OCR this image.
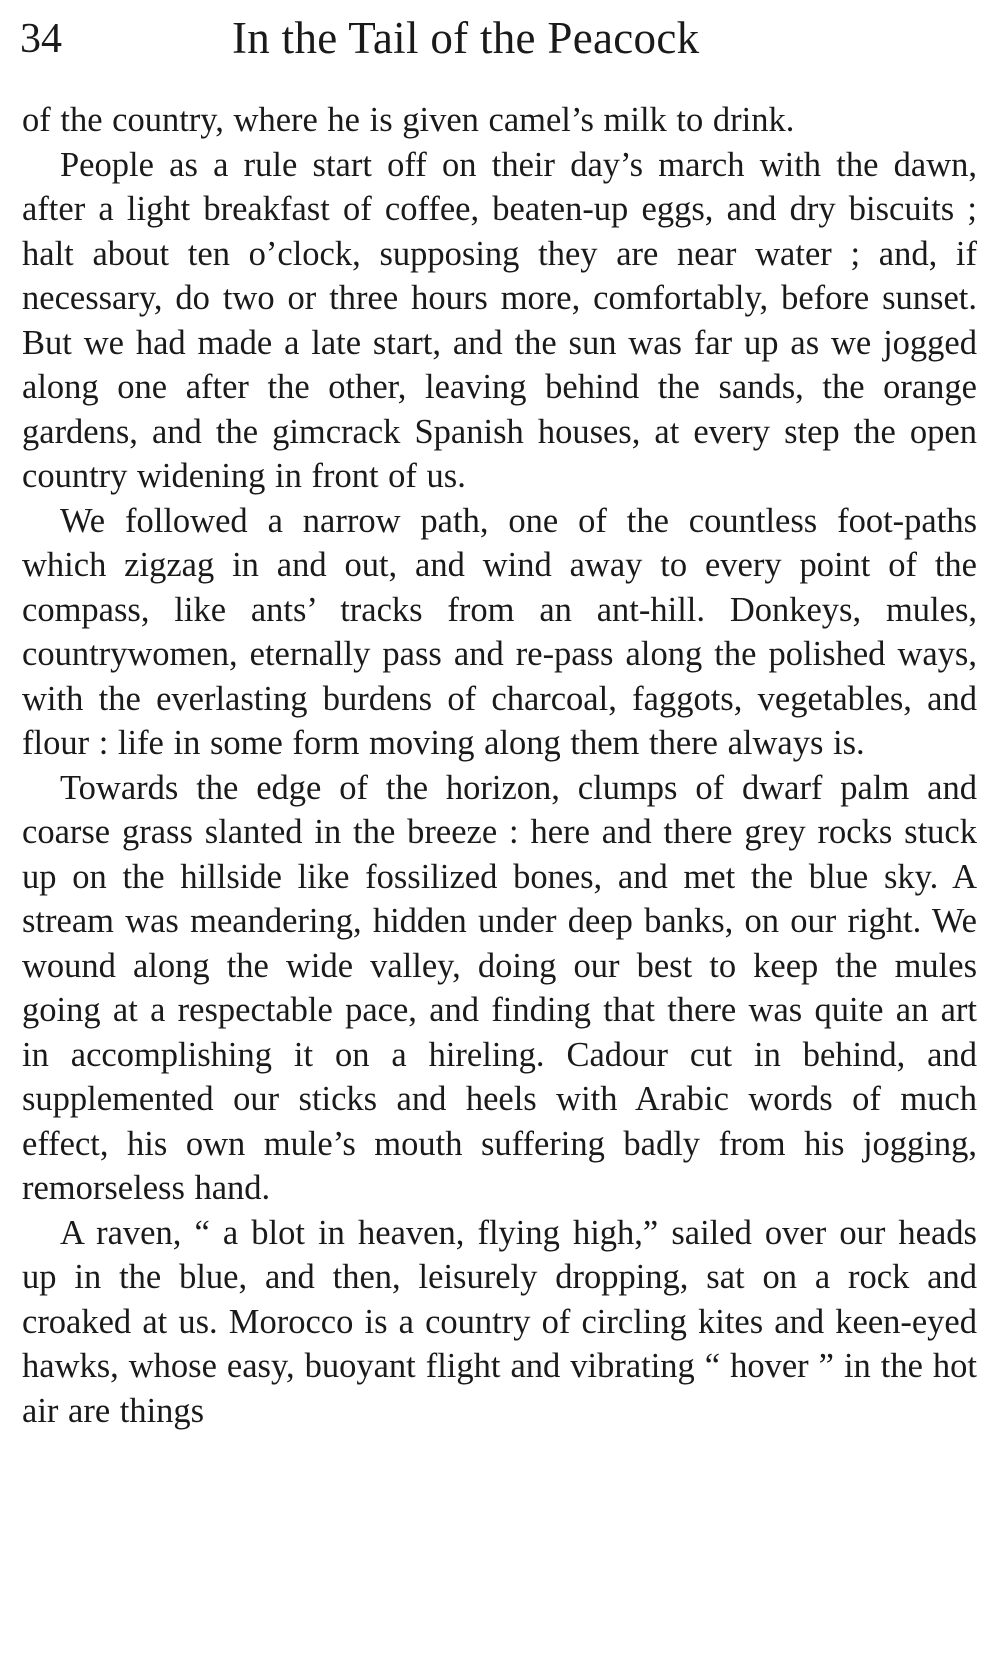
34	In the Tail of the Peacock

of the country, where he is given camel’s milk to drink.

People as a rule start off on their day’s march with the dawn, after a light breakfast of coffee, beaten-up eggs, and dry biscuits ; halt about ten o’clock, supposing they are near water ; and, if necessary, do two or three hours more, comfortably, before sunset. But we had made a late start, and the sun was far up as we jogged along one after the other, leaving behind the sands, the orange gardens, and the gimcrack Spanish houses, at every step the open country widening in front of us.

We followed a narrow path, one of the countless foot-paths which zigzag in and out, and wind away to every point of the compass, like ants’ tracks from an ant-hill. Donkeys, mules, countrywomen, eternally pass and re-pass along the polished ways, with the everlasting burdens of charcoal, faggots, vegetables, and flour : life in some form moving along them there always is.

Towards the edge of the horizon, clumps of dwarf palm and coarse grass slanted in the breeze : here and there grey rocks stuck up on the hillside like fossilized bones, and met the blue sky. A stream was meandering, hidden under deep banks, on our right. We wound along the wide valley, doing our best to keep the mules going at a respectable pace, and finding that there was quite an art in accomplishing it on a hireling. Cadour cut in behind, and supplemented our sticks and heels with Arabic words of much effect, his own mule’s mouth suffering badly from his jogging, remorseless hand.

A raven, “ a blot in heaven, flying high,” sailed over our heads up in the blue, and then, leisurely dropping, sat on a rock and croaked at us. Morocco is a country of circling kites and keen-eyed hawks, whose easy, buoyant flight and vibrating “ hover ” in the hot air are things
